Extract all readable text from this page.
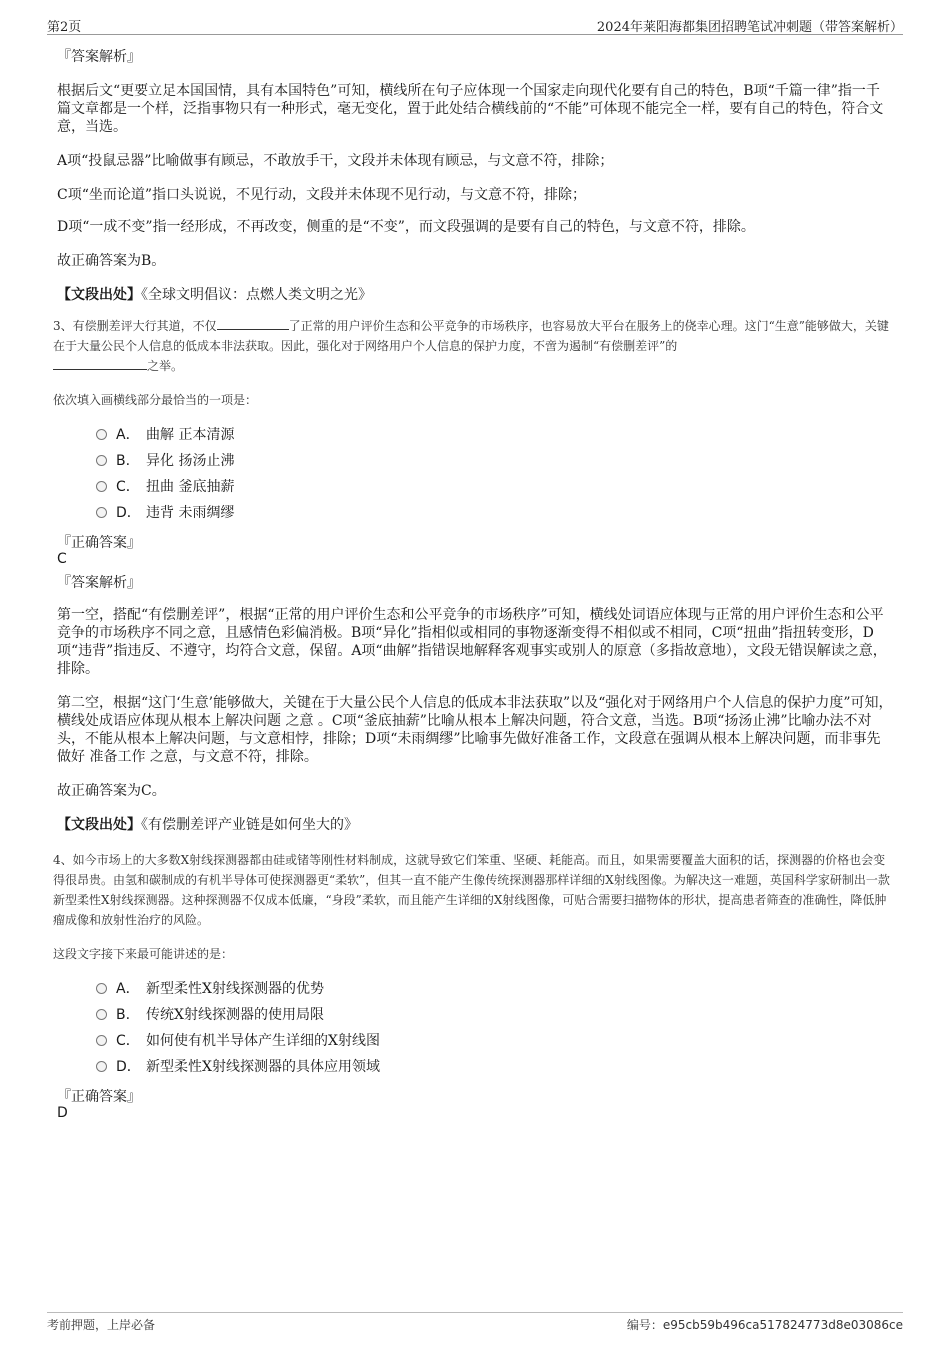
第2页	2024年莱阳海都集团招聘笔试冲刺题（带答案解析）
『答案解析』
根据后文“更要立足本国国情，具有本国特色”可知，横线所在句子应体现一个国家走向现代化要有自己的特色，B项“千篇一律”指一千篇文章都是一个样，泛指事物只有一种形式，毫无变化，置于此处结合横线前的“不能”可体现不能完全一样，要有自己的特色，符合文意，当选。
A项“投鼠忌器”比喻做事有顾忌，不敢放手干，文段并未体现有顾忌，与文意不符，排除；
C项“坐而论道”指口头说说，不见行动，文段并未体现不见行动，与文意不符，排除；
D项“一成不变”指一经形成，不再改变，侧重的是“不变”，而文段强调的是要有自己的特色，与文意不符，排除。
故正确答案为B。
【文段出处】《全球文明倡议：点燃人类文明之光》
3、有偿删差评大行其道，不仅	了正常的用户评价生态和公平竞争的市场秩序，也容易放大平台在服务上的侥幸心理。这门“生意”能够做大，关键在于大量公民个人信息的低成本非法获取。因此，强化对于网络用户个人信息的保护力度，不啻为遏制“有偿删差评”的
之举。
依次填入画横线部分最恰当的一项是：
A． 曲解 正本清源
B. 异化 扬汤止沸
C． 扭曲 釜底抽薪
D． 违背 未雨绸缪
『正确答案』
C
『答案解析』
第一空，搭配“有偿删差评”，根据“正常的用户评价生态和公平竞争的市场秩序”可知，横线处词语应体现与正常的用户评价生态和公平竞争的市场秩序不同之意，且感情色彩偏消极。B项“异化”指相似或相同的事物逐渐变得不相似或不相同，C项“扭曲”指扭转变形，D项“违背”指违反、不遵守，均符合文意，保留。A项“曲解”指错误地解释客观事实或别人的原意（多指故意地），文段无错误解读之意，排除。
第二空，根据“这门‘生意’能够做大，关键在于大量公民个人信息的低成本非法获取”以及“强化对于网络用户个人信息的保护力度”可知，横线处成语应体现从根本上解决问题 之意 。C项“釜底抽薪”比喻从根本上解决问题，符合文意，当选。B项“扬汤止沸”比喻办法不对头，不能从根本上解决问题，与文意相悖，排除；D项“未雨绸缪”比喻事先做好准备工作，文段意在强调从根本上解决问题，而非事先做好 准备工作 之意，与文意不符，排除。
故正确答案为C。
【文段出处】《有偿删差评产业链是如何坐大的》
4、如今市场上的大多数X射线探测器都由硅或锗等刚性材料制成，这就导致它们笨重、坚硬、耗能高。而且，如果需要覆盖大面积的话，探测器的价格也会变得很昂贵。由氢和碳制成的有机半导体可使探测器更“柔软”，但其一直不能产生像传统探测器那样详细的X射线图像。为解决这一难题，英国科学家研制出一款新型柔性X射线探测器。这种探测器不仅成本低廉，“身段”柔软，而且能产生详细的X射线图像，可贴合需要扫描物体的形状，提高患者筛查的准确性，降低肿瘤成像和放射性治疗的风险。
这段文字接下来最可能讲述的是：
A． 新型柔性X射线探测器的优势
B. 传统X射线探测器的使用局限
C． 如何使有机半导体产生详细的X射线图
D． 新型柔性X射线探测器的具体应用领域
『正确答案』
D
考前押题，上岸必备	编号：e95cb59b496ca517824773d8e03086ce
